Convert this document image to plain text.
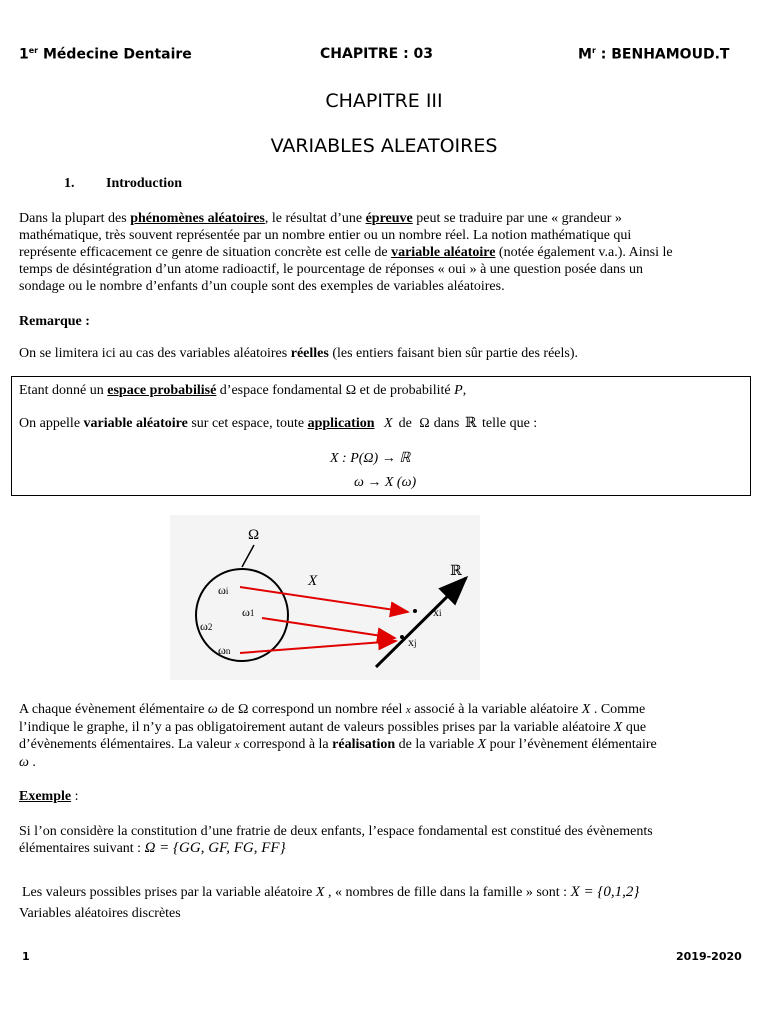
1er Médecine Dentaire	CHAPITRE : 03	$M^r$ : BENHAMOUD.T
CHAPITRE III
VARIABLES ALEATOIRES
1. Introduction
Dans la plupart des phénomènes aléatoires, le résultat d’une épreuve peut se traduire par une « grandeur »
mathématique, très souvent représentée par un nombre entier ou un nombre réel. La notion mathématique qui
représente efficacement ce genre de situation concrète est celle de variable aléatoire (notée également v.a.). Ainsi le
temps de désintégration d’un atome radioactif, le pourcentage de réponses « oui » à une question posée dans un
sondage ou le nombre d’enfants d’un couple sont des exemples de variables aléatoires.
Remarque :
On se limitera ici au cas des variables aléatoires réelles (les entiers faisant bien sûr partie des réels).
Etant donné un espace probabilisé d’espace fondamental Ω et de probabilité P,
On appelle variable aléatoire sur cet espace, toute application X de Ω dans ℝ telle que :
X : P(Ω) → ℝ
ω → X (ω)
Ω
X
ℝ
ωi
ω1
ω2
ωn
xi
xj
A chaque évènement élémentaire ω de Ω correspond un nombre réel x associé à la variable aléatoire X . Comme
l’indique le graphe, il n’y a pas obligatoirement autant de valeurs possibles prises par la variable aléatoire X que
d’évènements élémentaires. La valeur x correspond à la réalisation de la variable X pour l’évènement élémentaire
ω .
Exemple :
Si l’on considère la constitution d’une fratrie de deux enfants, l’espace fondamental est constitué des évènements
élémentaires suivant : Ω = {GG, GF, FG, FF}
Les valeurs possibles prises par la variable aléatoire X , « nombres de fille dans la famille » sont : X = {0,1,2}
Variables aléatoires discrètes
1	2019-2020
